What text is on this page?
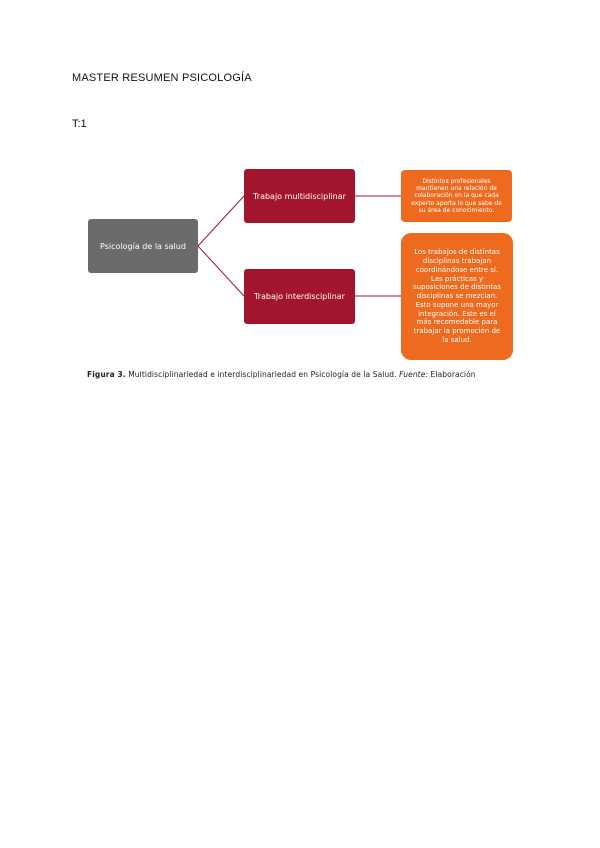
MASTER RESUMEN PSICOLOGÍA
T:1
Psicología de la salud
Trabajo multidisciplinar
Trabajo interdisciplinar
Distintos profesionales mantienen una relación de colaboración en la que cada experto aporta lo que sabe de su área de conocimiento.
Los trabajos de distintas disciplinas trabajan coordinándose entre sí. Las prácticas y suposiciones de distintas disciplinas se mezclan. Esto supone una mayor integración. Este es el más recomedable para trabajar la promoción de la salud.
Figura 3. Multidisciplinariedad e interdisciplinariedad en Psicología de la Salud. Fuente: Elaboración
